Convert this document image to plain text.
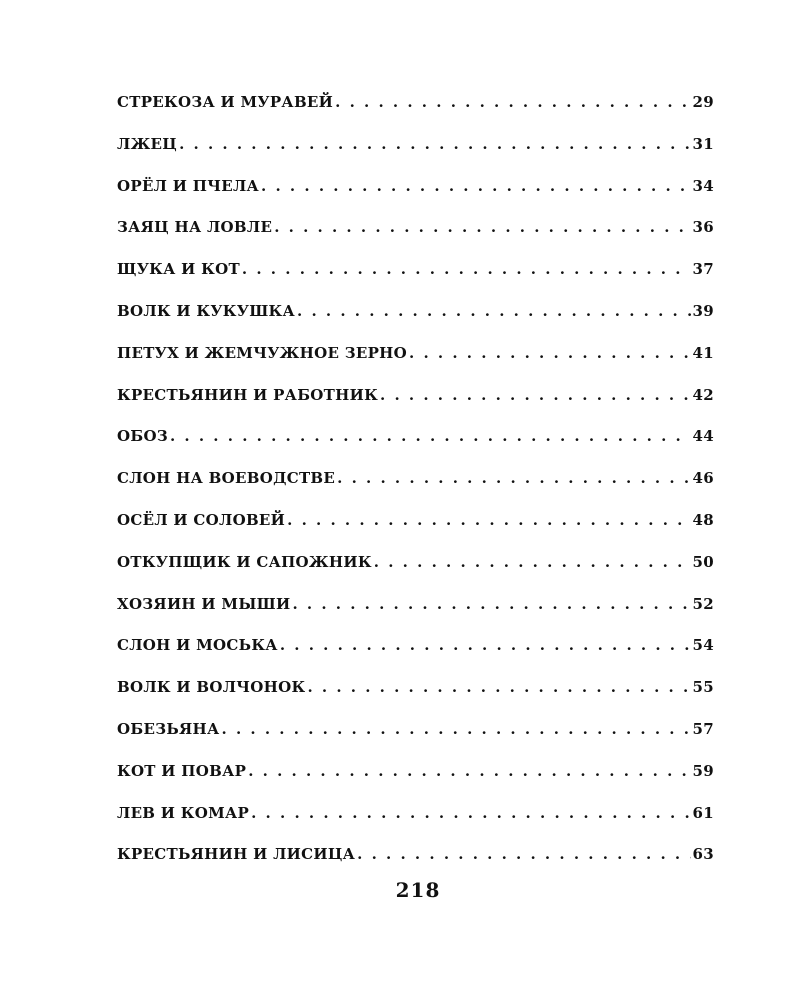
СТРЕКОЗА И МУРАВЕЙ . . .	29
ЛЖЕЦ . . .	31
ОРЁЛ И ПЧЕЛА . . .	34
ЗАЯЦ НА ЛОВЛЕ . . .	36
ЩУКА И КОТ . . .	37
ВОЛК И КУКУШКА . . .	39
ПЕТУХ И ЖЕМЧУЖНОЕ ЗЕРНО . . .	41
КРЕСТЬЯНИН И РАБОТНИК . . .	42
ОБОЗ . . .	44
СЛОН НА ВОЕВОДСТВЕ . . .	46
ОСЁЛ И СОЛОВЕЙ . . .	48
ОТКУПЩИК И САПОЖНИК . . .	50
ХОЗЯИН И МЫШИ . . .	52
СЛОН И МОСЬКА . . .	54
ВОЛК И ВОЛЧОНОК . . .	55
ОБЕЗЬЯНА . . .	57
КОТ И ПОВАР . . .	59
ЛЕВ И КОМАР . . .	61
КРЕСТЬЯНИН И ЛИСИЦА . . .	63
218
